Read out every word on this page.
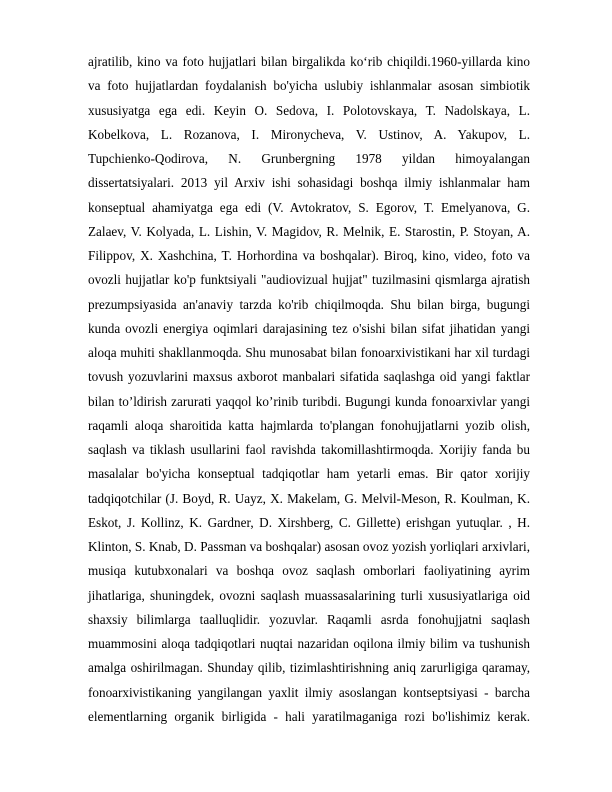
ajratilib, kino va foto hujjatlari bilan birgalikda ko‘rib chiqildi.1960-yillarda kino
va foto hujjatlardan foydalanish bo'yicha uslubiy ishlanmalar asosan simbiotik
xususiyatga ega edi. Keyin O. Sedova, I. Polotovskaya, T. Nadolskaya, L.
Kobelkova, L. Rozanova, I. Mironycheva, V. Ustinov, A. Yakupov, L.
Tupchienko-Qodirova, N. Grunbergning 1978 yildan himoyalangan
dissertatsiyalari. 2013 yil Arxiv ishi sohasidagi boshqa ilmiy ishlanmalar ham
konseptual ahamiyatga ega edi (V. Avtokratov, S. Egorov, T. Emelyanova, G.
Zalaev, V. Kolyada, L. Lishin, V. Magidov, R. Melnik, E. Starostin, P. Stoyan, A.
Filippov, X. Xashchina, T. Horhordina va boshqalar). Biroq, kino, video, foto va
ovozli hujjatlar ko'p funktsiyali "audiovizual hujjat" tuzilmasini qismlarga ajratish
prezumpsiyasida an'anaviy tarzda ko'rib chiqilmoqda. Shu bilan birga, bugungi
kunda ovozli energiya oqimlari darajasining tez o'sishi bilan sifat jihatidan yangi
aloqa muhiti shakllanmoqda. Shu munosabat bilan fonoarxivistikani har xil turdagi
tovush yozuvlarini maxsus axborot manbalari sifatida saqlashga oid yangi faktlar
bilan to’ldirish zarurati yaqqol ko’rinib turibdi. Bugungi kunda fonoarxivlar yangi
raqamli aloqa sharoitida katta hajmlarda to'plangan fonohujjatlarni yozib olish,
saqlash va tiklash usullarini faol ravishda takomillashtirmoqda. Xorijiy fanda bu
masalalar bo'yicha konseptual tadqiqotlar ham yetarli emas. Bir qator xorijiy
tadqiqotchilar (J. Boyd, R. Uayz, X. Makelam, G. Melvil-Meson, R. Koulman, K.
Eskot, J. Kollinz, K. Gardner, D. Xirshberg, C. Gillette) erishgan yutuqlar. , H.
Klinton, S. Knab, D. Passman va boshqalar) asosan ovoz yozish yorliqlari arxivlari,
musiqa kutubxonalari va boshqa ovoz saqlash omborlari faoliyatining ayrim
jihatlariga, shuningdek, ovozni saqlash muassasalarining turli xususiyatlariga oid
shaxsiy bilimlarga taalluqlidir. yozuvlar. Raqamli asrda fonohujjatni saqlash
muammosini aloqa tadqiqotlari nuqtai nazaridan oqilona ilmiy bilim va tushunish
amalga oshirilmagan. Shunday qilib, tizimlashtirishning aniq zarurligiga qaramay,
fonoarxivistikaning yangilangan yaxlit ilmiy asoslangan kontseptsiyasi - barcha
elementlarning organik birligida - hali yaratilmaganiga rozi bo'lishimiz kerak.
